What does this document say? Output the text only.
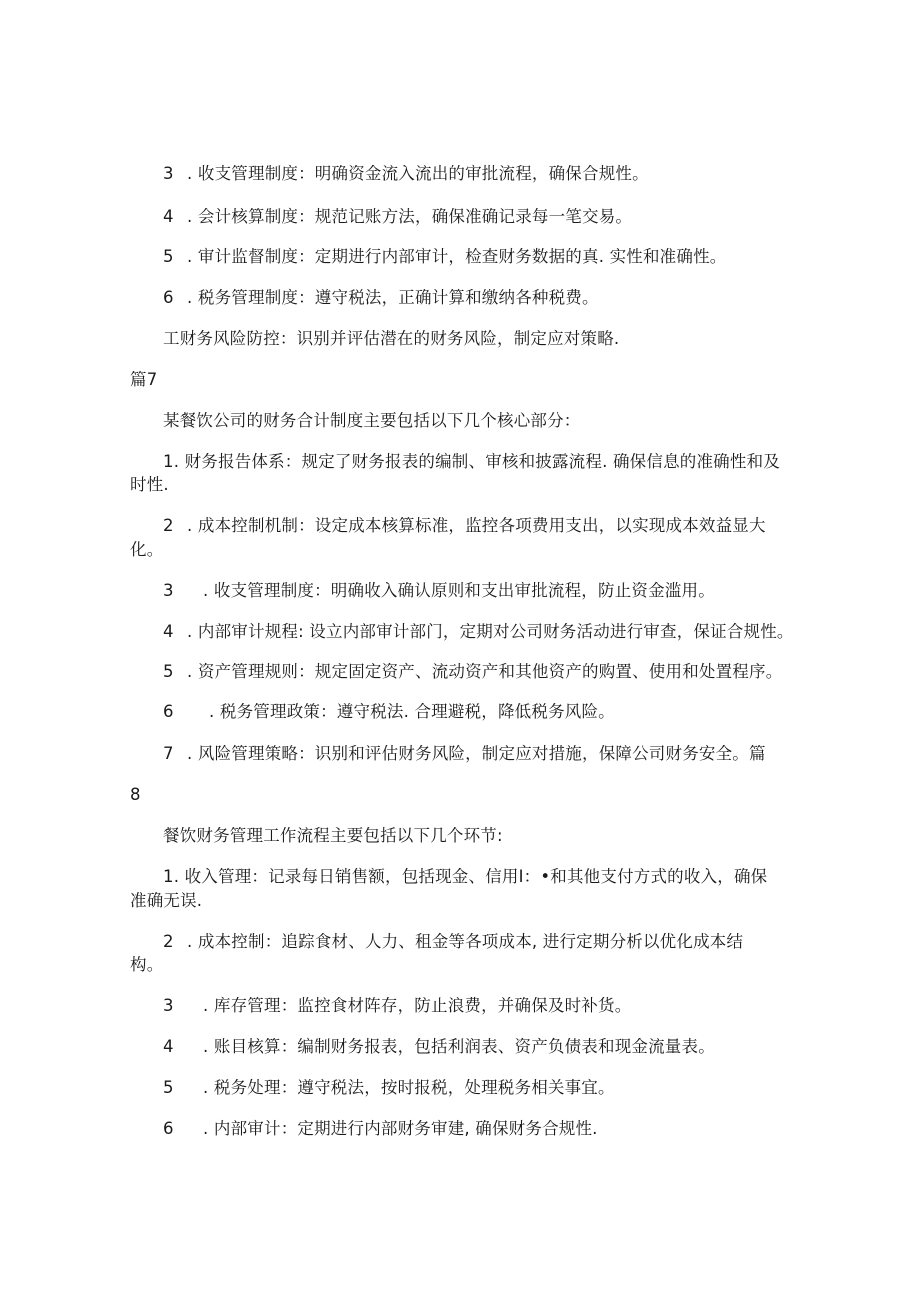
3 . 收支管理制度：明确资金流入流出的审批流程，确保合规性。
4 . 会计核算制度：规范记账方法，确保准确记录每一笔交易。
5 . 审计监督制度：定期进行内部审计，检查财务数据的真. 实性和准确性。
6 . 税务管理制度：遵守税法，正确计算和缴纳各种税费。
工财务风险防控：识别并评估潜在的财务风险，制定应对策略.
篇7
某餐饮公司的财务合计制度主要包括以下几个核心部分：
1. 财务报告体系：规定了财务报表的编制、审核和披露流程. 确保信息的准确性和及
时性.
2 . 成本控制机制：设定成本核算标准，监控各项费用支出，以实现成本效益显大
化。
3 . 收支管理制度：明确收入确认原则和支出审批流程，防止资金滥用。
4 . 内部审计规程: 设立内部审计部门，定期对公司财务活动进行审查，保证合规性。
5 . 资产管理规则：规定固定资产、流动资产和其他资产的购置、使用和处置程序。
6 . 税务管理政策：遵守税法. 合理避税，降低税务风险。
7 . 风险管理策略：识别和评估财务风险，制定应对措施，保障公司财务安全。篇
8
餐饮财务管理工作流程主要包括以下几个环节:
1. 收入管理：记录每日销售额，包括现金、信用I：•和其他支付方式的收入，确保
准确无误.
2 . 成本控制：追踪食材、人力、租金等各项成本, 进行定期分析以优化成本结
构。
3 . 库存管理：监控食材阵存，防止浪费，并确保及时补货。
4 . 账目核算：编制财务报表，包括利润表、资产负债表和现金流量表。
5 . 税务处理：遵守税法，按时报税，处理税务相关事宜。
6 . 内部审计：定期进行内部财务审建, 确保财务合规性.
